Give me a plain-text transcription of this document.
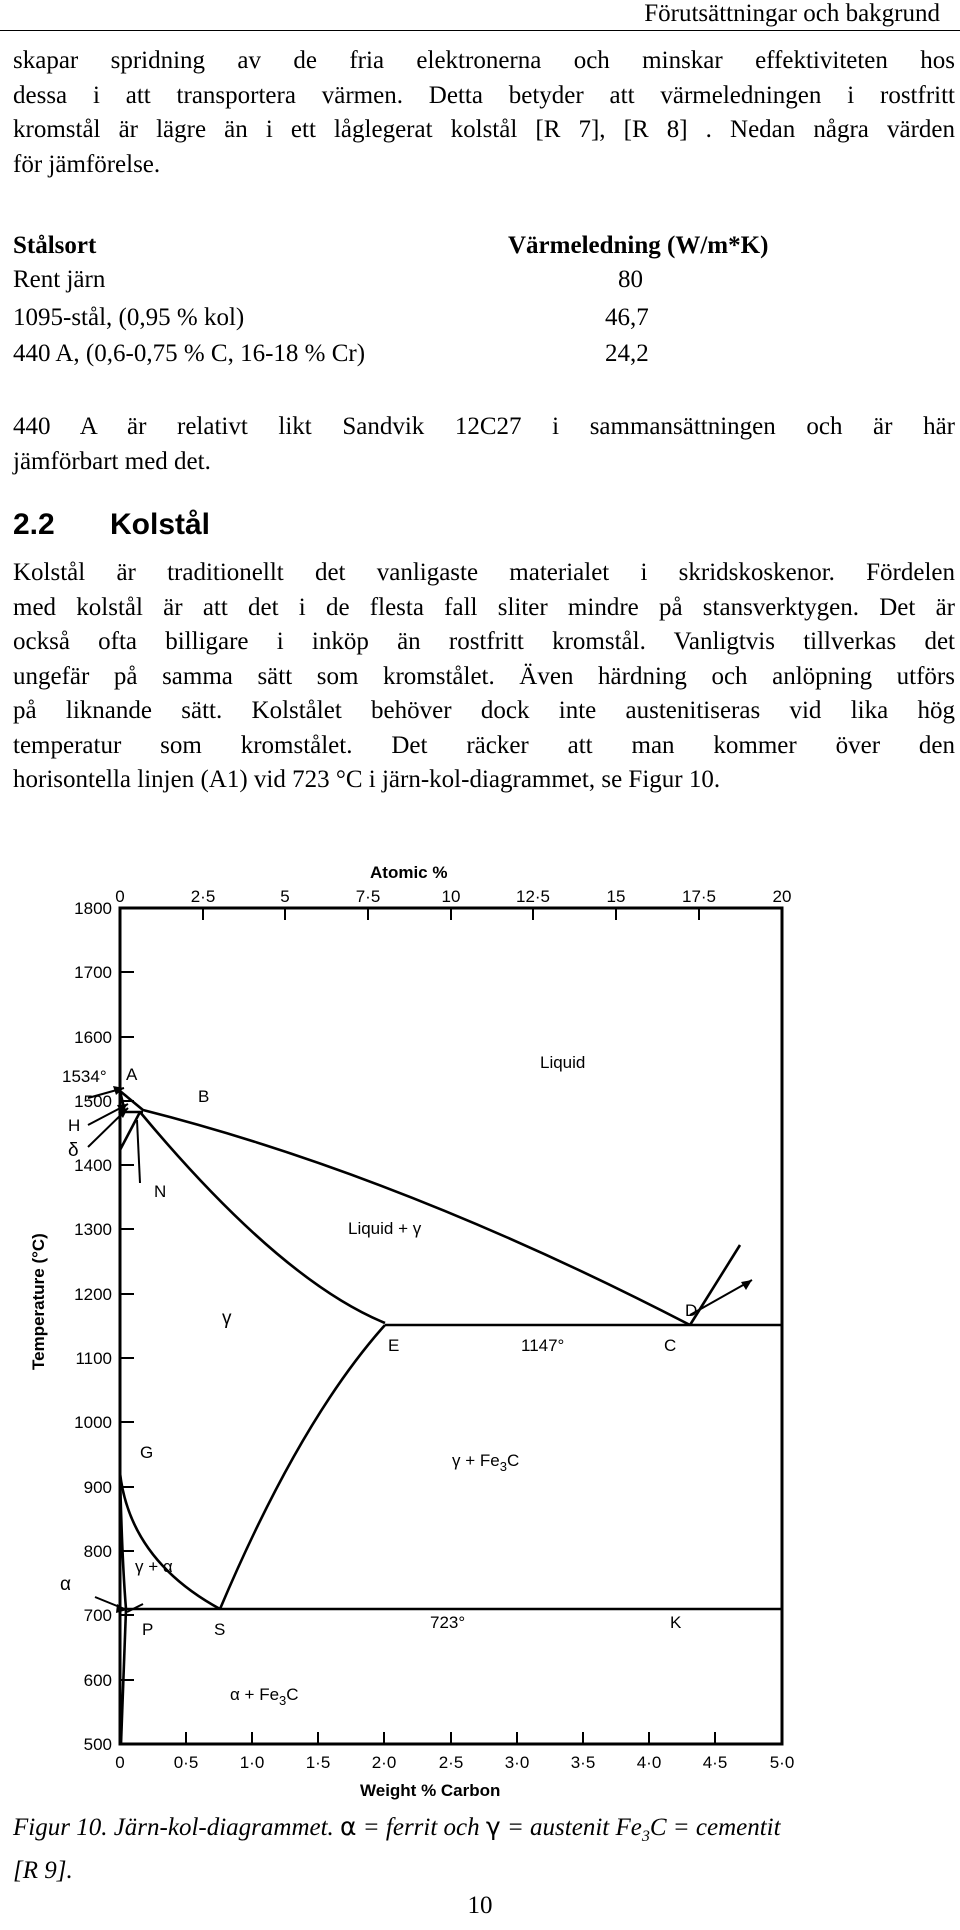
Förutsättningar och bakgrund

skapar spridning av de fria elektronerna och minskar effektiviteten hos
dessa i att transportera värmen. Detta betyder att värmeledningen i rostfritt
kromstål är lägre än i ett låglegerat kolstål [R 7], [R 8] . Nedan några värden
för jämförelse.

Stålsort	Värmeledning (W/m*K)
Rent järn	80
1095-stål, (0,95 % kol)	46,7
440 A, (0,6-0,75 % C, 16-18 % Cr)	24,2

440 A är relativt likt Sandvik 12C27 i sammansättningen och är här
jämförbart med det.

2.2 Kolstål

Kolstål är traditionellt det vanligaste materialet i skridskoskenor. Fördelen
med kolstål är att det i de flesta fall sliter mindre på stansverktygen. Det är
också ofta billigare i inköp än rostfritt kromstål. Vanligtvis tillverkas det
ungefär på samma sätt som kromstålet. Även härdning och anlöpning utförs
på liknande sätt. Kolstålet behöver dock inte austenitiseras vid lika hög
temperatur som kromstålet. Det räcker att man kommer över den
horisontella linjen (A1) vid 723 °C i järn-kol-diagrammet, se Figur 10.

Atomic %
Weight % Carbon
Temperature (°C)
0	2·5	5	7·5	10	12·5	15	17·5	20
0	0·5 1·0 1·5 2·0 2·5 3·0 3·5 4·0 4·5 5·0
1800
1700
1600
1500
1400
1300
1200
1100
1000
900
800
700
600
500
1534° A
B
H
δ
N
E	C
D
G
α
P	S	K
1147°
723°
Liquid
Liquid + γ
γ
$\gamma + Fe_3C$
γ + α
$\alpha + Fe_3C$
Figur 10. Järn-kol-diagrammet. α = ferrit och γ = austenit $Fe_3C$ = cementit
[R 9].
10
